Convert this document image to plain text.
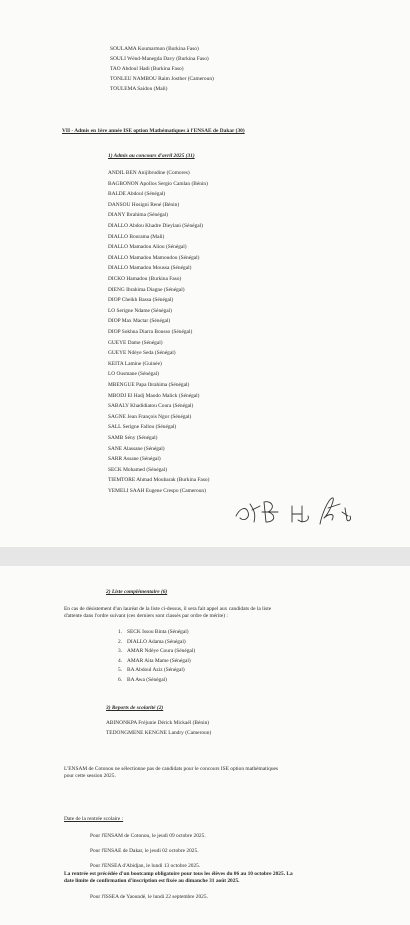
SOULAMA Koumarmon (Burkina Faso)
SOULI Wénd-Manegda Davy (Burkina Faso)
TAO Abdoul Hadi (Burkina Faso)
TONLEU NAMBOU Raim Josther (Cameroun)
TOULEMA Saidou (Mali)
VII - Admis en 1ère année ISE option Mathématiques à l'ENSAE de Dakar (30)
1) Admis au concours d'avril 2025 (31)
ANDIL BEN Anijibrudine (Comores)
BAGBONON Apollos Sergio Camlan (Bénin)
BALDE Abdoul (Sénégal)
DANSOU Hosigni René (Bénin)
DIANY Ibrahima (Sénégal)
DIALLO Abdou Khadre Dieylani (Sénégal)
DIALLO Bourama (Mali)
DIALLO Mamadou Aliou (Sénégal)
DIALLO Mamadou Mamoudou (Sénégal)
DIALLO Mamadou Moussa (Sénégal)
DICKO Hamadou (Burkina Faso)
DIENG Ibrahima Diagne (Sénégal)
DIOP Cheikh Bassa (Sénégal)
LO Serigne Ndame (Sénégal)
DIOP Max Mactar (Sénégal)
DIOP Sokhna Diarra Bousso (Sénégal)
GUEYE Dame (Sénégal)
GUEYE Ndèye Seda (Sénégal)
KEITA Lamine (Guinée)
LO Ousmane (Sénégal)
MBENGUE Papa Ibrahima (Sénégal)
MBODJ El Hadj Maodo Malick (Sénégal)
SABALY Khadidiatou Coura (Sénégal)
SAGNE Jean François Ngor (Sénégal)
SALL Serigne Fallou (Sénégal)
SAMB Sény (Sénégal)
SANE Alassane (Sénégal)
SARR Assane (Sénégal)
SECK Mohamed (Sénégal)
TIEMTORE Ahmad Moubarak (Burkina Faso)
YEMELI SAAH Eugene Crespo (Cameroun)
2) Liste complémentaire (6)
En cas de désistement d'un lauréat de la liste ci-dessus, il sera fait appel aux candidats de la liste
d'attente dans l'ordre suivant (ces derniers sont classés par ordre de mérite) :
1. SECK Issou Binta (Sénégal)
2. DIALLO Adama (Sénégal)
3. AMAR Ndèye Coura (Sénégal)
4. AMAR Aita Mame (Sénégal)
5. BA Abdoul Aziz (Sénégal)
6. BA Awa (Sénégal)
3) Reports de scolarité (2)
ABINONKPA Fréjunie Dérick Mickaël (Bénin)
TEDONGMENE KENGNE Landry (Cameroun)
L'ENSAM de Cotonou ne sélectionne pas de candidats pour le concours ISE option mathématiques
pour cette session 2025.
Date de la rentrée scolaire :
Pour l'ENSAM de Cotonou, le jeudi 09 octobre 2025.
Pour l'ENSAE de Dakar, le jeudi 02 octobre 2025.
Pour l'ENSEA d'Abidjan, le lundi 13 octobre 2025.
La rentrée est précédée d'un bootcamp obligatoire pour tous les élèves du 06 au 10 octobre 2025. La
date limite de confirmation d'inscription est fixée au dimanche 31 août 2025.
Pour l'ISSEA de Yaoundé, le lundi 22 septembre 2025.
